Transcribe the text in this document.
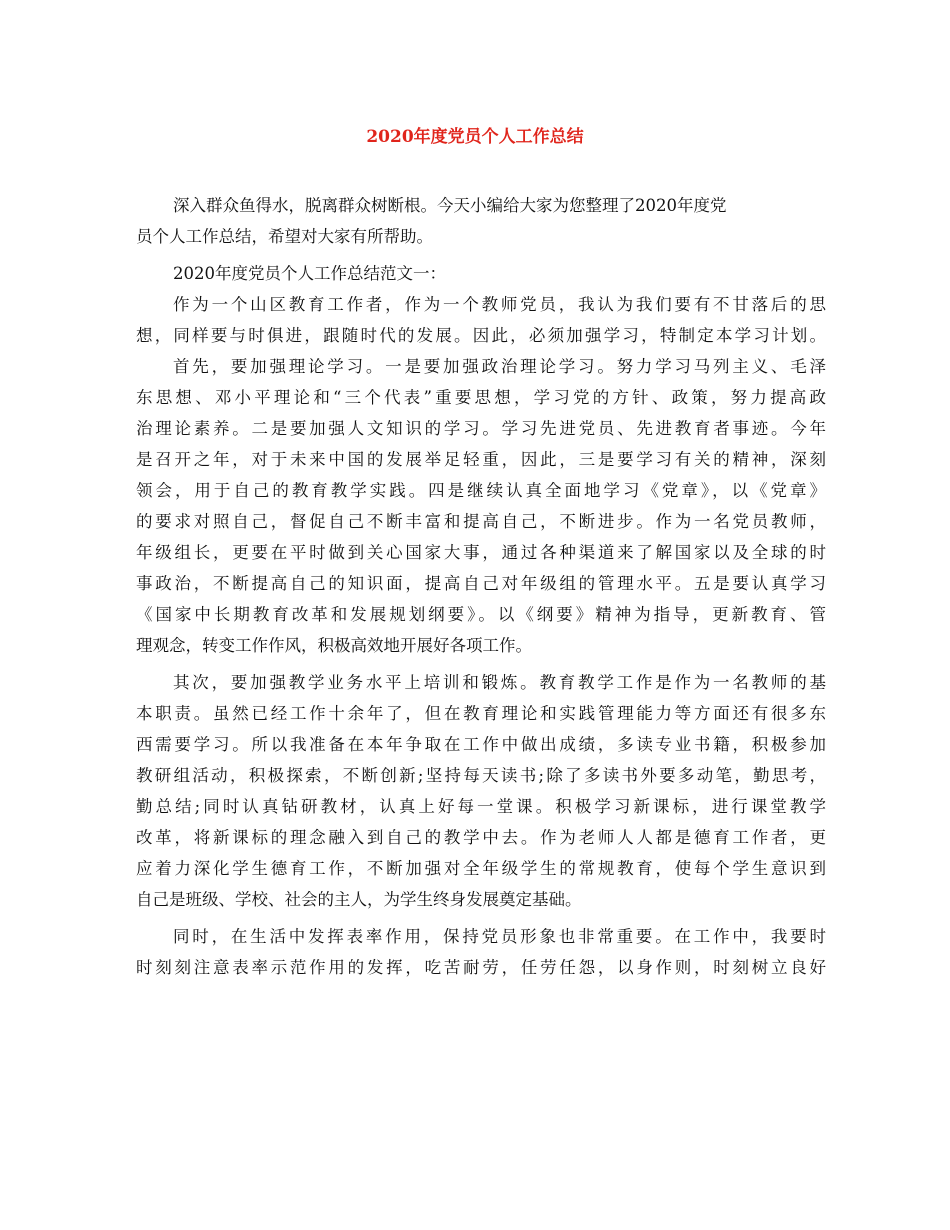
2020年度党员个人工作总结
深入群众鱼得水，脱离群众树断根。今天小编给大家为您整理了2020年度党
员个人工作总结，希望对大家有所帮助。
2020年度党员个人工作总结范文一：
作为一个山区教育工作者，作为一个教师党员，我认为我们要有不甘落后的思
想，同样要与时俱进，跟随时代的发展。因此，必须加强学习，特制定本学习计划。
首先，要加强理论学习。一是要加强政治理论学习。努力学习马列主义、毛泽
东思想、邓小平理论和“三个代表”重要思想，学习党的方针、政策，努力提高政
治理论素养。二是要加强人文知识的学习。学习先进党员、先进教育者事迹。今年
是召开之年，对于未来中国的发展举足轻重，因此，三是要学习有关的精神，深刻
领会，用于自己的教育教学实践。四是继续认真全面地学习《党章》，以《党章》
的要求对照自己，督促自己不断丰富和提高自己，不断进步。作为一名党员教师，
年级组长，更要在平时做到关心国家大事，通过各种渠道来了解国家以及全球的时
事政治，不断提高自己的知识面，提高自己对年级组的管理水平。五是要认真学习
《国家中长期教育改革和发展规划纲要》。以《纲要》精神为指导，更新教育、管
理观念，转变工作作风，积极高效地开展好各项工作。
其次，要加强教学业务水平上培训和锻炼。教育教学工作是作为一名教师的基
本职责。虽然已经工作十余年了，但在教育理论和实践管理能力等方面还有很多东
西需要学习。所以我准备在本年争取在工作中做出成绩，多读专业书籍，积极参加
教研组活动，积极探索，不断创新;坚持每天读书;除了多读书外要多动笔，勤思考，
勤总结;同时认真钻研教材，认真上好每一堂课。积极学习新课标，进行课堂教学
改革，将新课标的理念融入到自己的教学中去。作为老师人人都是德育工作者，更
应着力深化学生德育工作，不断加强对全年级学生的常规教育，使每个学生意识到
自己是班级、学校、社会的主人，为学生终身发展奠定基础。
同时，在生活中发挥表率作用，保持党员形象也非常重要。在工作中，我要时
时刻刻注意表率示范作用的发挥，吃苦耐劳，任劳任怨，以身作则，时刻树立良好
